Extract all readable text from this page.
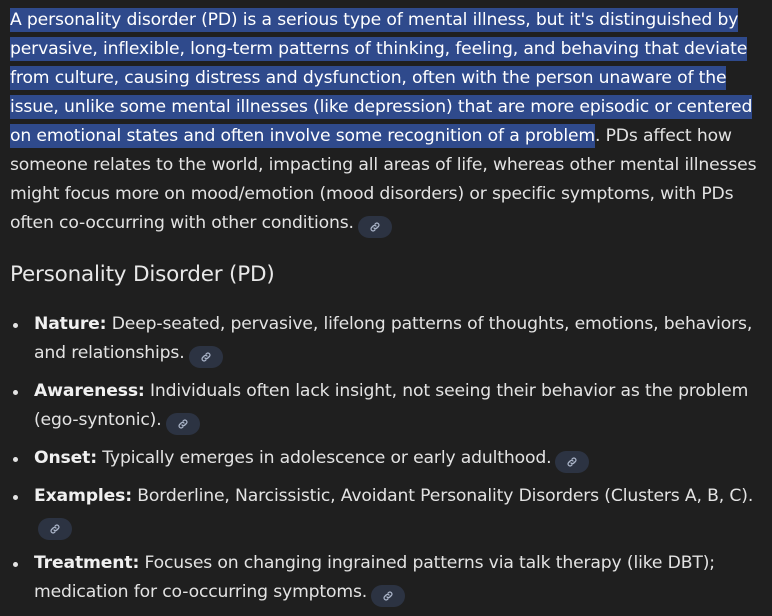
A personality disorder (PD) is a serious type of mental illness, but it's distinguished by pervasive, inflexible, long-term patterns of thinking, feeling, and behaving that deviate from culture, causing distress and dysfunction, often with the person unaware of the issue, unlike some mental illnesses (like depression) that are more episodic or centered on emotional states and often involve some recognition of a problem. PDs affect how someone relates to the world, impacting all areas of life, whereas other mental illnesses might focus more on mood/emotion (mood disorders) or specific symptoms, with PDs often co-occurring with other conditions.

Personality Disorder (PD)
Nature: Deep-seated, pervasive, lifelong patterns of thoughts, emotions, behaviors, and relationships.
Awareness: Individuals often lack insight, not seeing their behavior as the problem (ego-syntonic).
Onset: Typically emerges in adolescence or early adulthood.
Examples: Borderline, Narcissistic, Avoidant Personality Disorders (Clusters A, B, C).
Treatment: Focuses on changing ingrained patterns via talk therapy (like DBT); medication for co-occurring symptoms.
